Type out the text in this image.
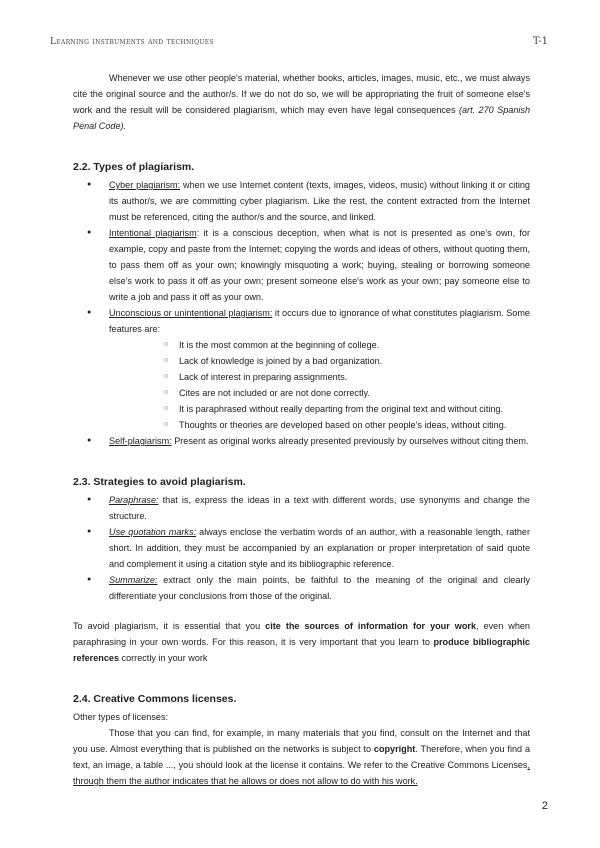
Learning instruments and techniques	T-1

Whenever we use other people's material, whether books, articles, images, music, etc., we must always cite the original source and the author/s. If we do not do so, we will be appropriating the fruit of someone else's work and the result will be considered plagiarism, which may even have legal consequences (art. 270 Spanish Penal Code).

2.2. Types of plagiarism.
● Cyber plagiarism: when we use Internet content (texts, images, videos, music) without linking it or citing its author/s, we are committing cyber plagiarism. Like the rest, the content extracted from the Internet must be referenced, citing the author/s and the source, and linked.
● Intentional plagiarism: it is a conscious deception, when what is not is presented as one's own, for example, copy and paste from the Internet; copying the words and ideas of others, without quoting them, to pass them off as your own; knowingly misquoting a work; buying, stealing or borrowing someone else's work to pass it off as your own; present someone else's work as your own; pay someone else to write a job and pass it off as your own.
● Unconscious or unintentional plagiarism: it occurs due to ignorance of what constitutes plagiarism. Some features are:
○ It is the most common at the beginning of college.
○ Lack of knowledge is joined by a bad organization.
○ Lack of interest in preparing assignments.
○ Cites are not included or are not done correctly.
○ It is paraphrased without really departing from the original text and without citing.
○ Thoughts or theories are developed based on other people's ideas, without citing.
● Self-plagiarism: Present as original works already presented previously by ourselves without citing them.
2.3. Strategies to avoid plagiarism.
● Paraphrase: that is, express the ideas in a text with different words, use synonyms and change the structure.
● Use quotation marks: always enclose the verbatim words of an author, with a reasonable length, rather short. In addition, they must be accompanied by an explanation or proper interpretation of said quote and complement it using a citation style and its bibliographic reference.
● Summarize: extract only the main points, be faithful to the meaning of the original and clearly differentiate your conclusions from those of the original.

To avoid plagiarism, it is essential that you cite the sources of information for your work, even when paraphrasing in your own words. For this reason, it is very important that you learn to produce bibliographic references correctly in your work

2.4. Creative Commons licenses.

Other types of licenses:

Those that you can find, for example, in many materials that you find, consult on the Internet and that you use. Almost everything that is published on the networks is subject to copyright. Therefore, when you find a text, an image, a table ..., you should look at the license it contains. We refer to the Creative Commons Licenses, through them the author indicates that he allows or does not allow to do with his work.

2
